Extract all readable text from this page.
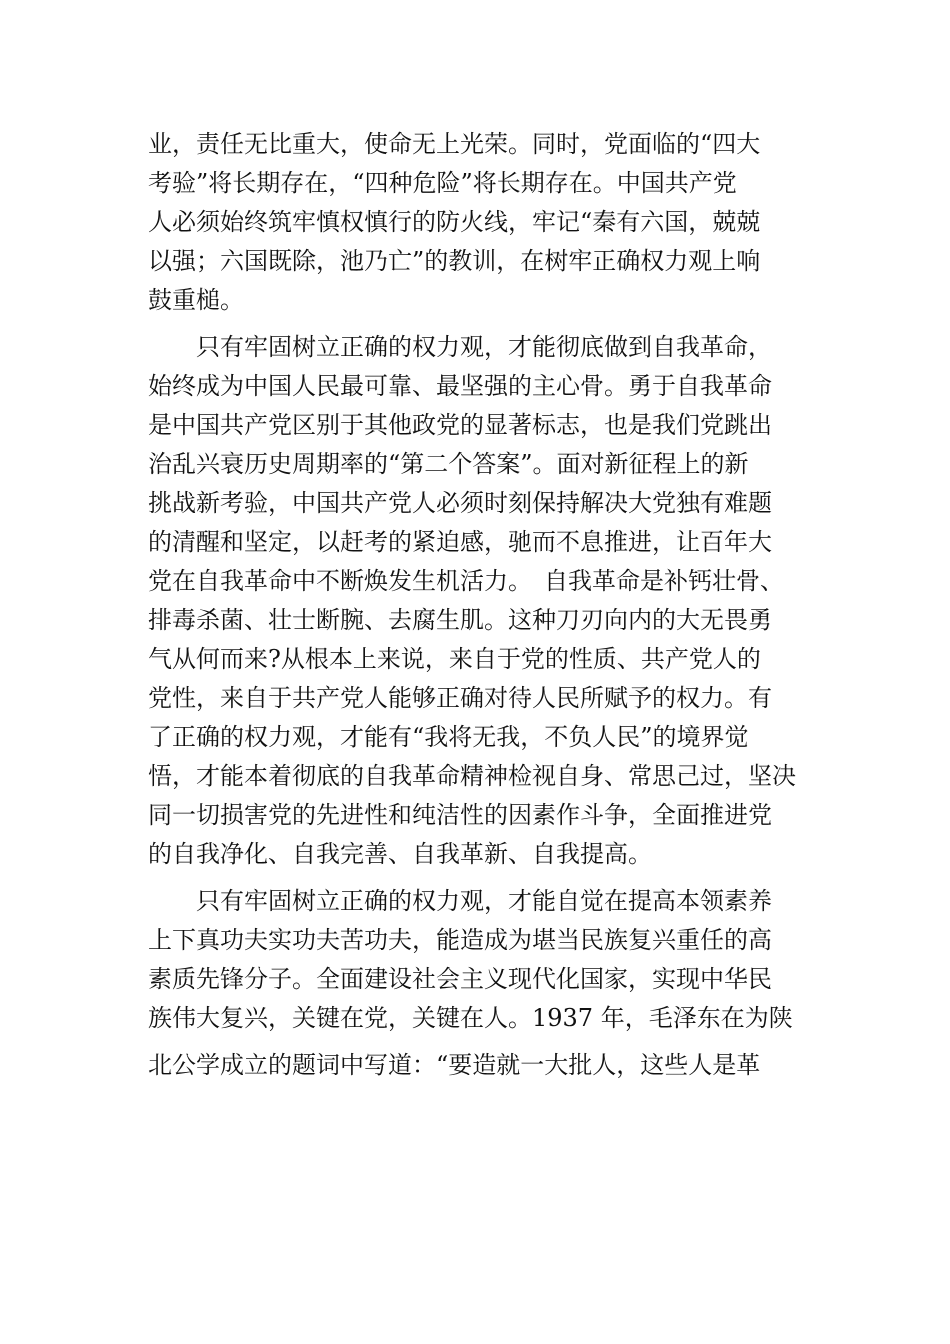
业，责任无比重大，使命无上光荣。同时，党面临的“四大
考验”将长期存在，“四种危险”将长期存在。中国共产党
人必须始终筑牢慎权慎行的防火线，牢记“秦有六国，兢兢
以强；六国既除，池乃亡”的教训，在树牢正确权力观上响
鼓重槌。
只有牢固树立正确的权力观，才能彻底做到自我革命，
始终成为中国人民最可靠、最坚强的主心骨。勇于自我革命
是中国共产党区别于其他政党的显著标志，也是我们党跳出
治乱兴衰历史周期率的“第二个答案”。面对新征程上的新
挑战新考验，中国共产党人必须时刻保持解决大党独有难题
的清醒和坚定，以赶考的紧迫感，驰而不息推进，让百年大
党在自我革命中不断焕发生机活力。　自我革命是补钙壮骨、
排毒杀菌、壮士断腕、去腐生肌。这种刀刃向内的大无畏勇
气从何而来?从根本上来说，来自于党的性质、共产党人的
党性，来自于共产党人能够正确对待人民所赋予的权力。有
了正确的权力观，才能有“我将无我，不负人民”的境界觉
悟，才能本着彻底的自我革命精神检视自身、常思己过，坚决
同一切损害党的先进性和纯洁性的因素作斗争，全面推进党
的自我净化、自我完善、自我革新、自我提高。
只有牢固树立正确的权力观，才能自觉在提高本领素养
上下真功夫实功夫苦功夫，能造成为堪当民族复兴重任的高
素质先锋分子。全面建设社会主义现代化国家，实现中华民
族伟大复兴，关键在党，关键在人。1937 年，毛泽东在为陕
北公学成立的题词中写道：“要造就一大批人，这些人是革
